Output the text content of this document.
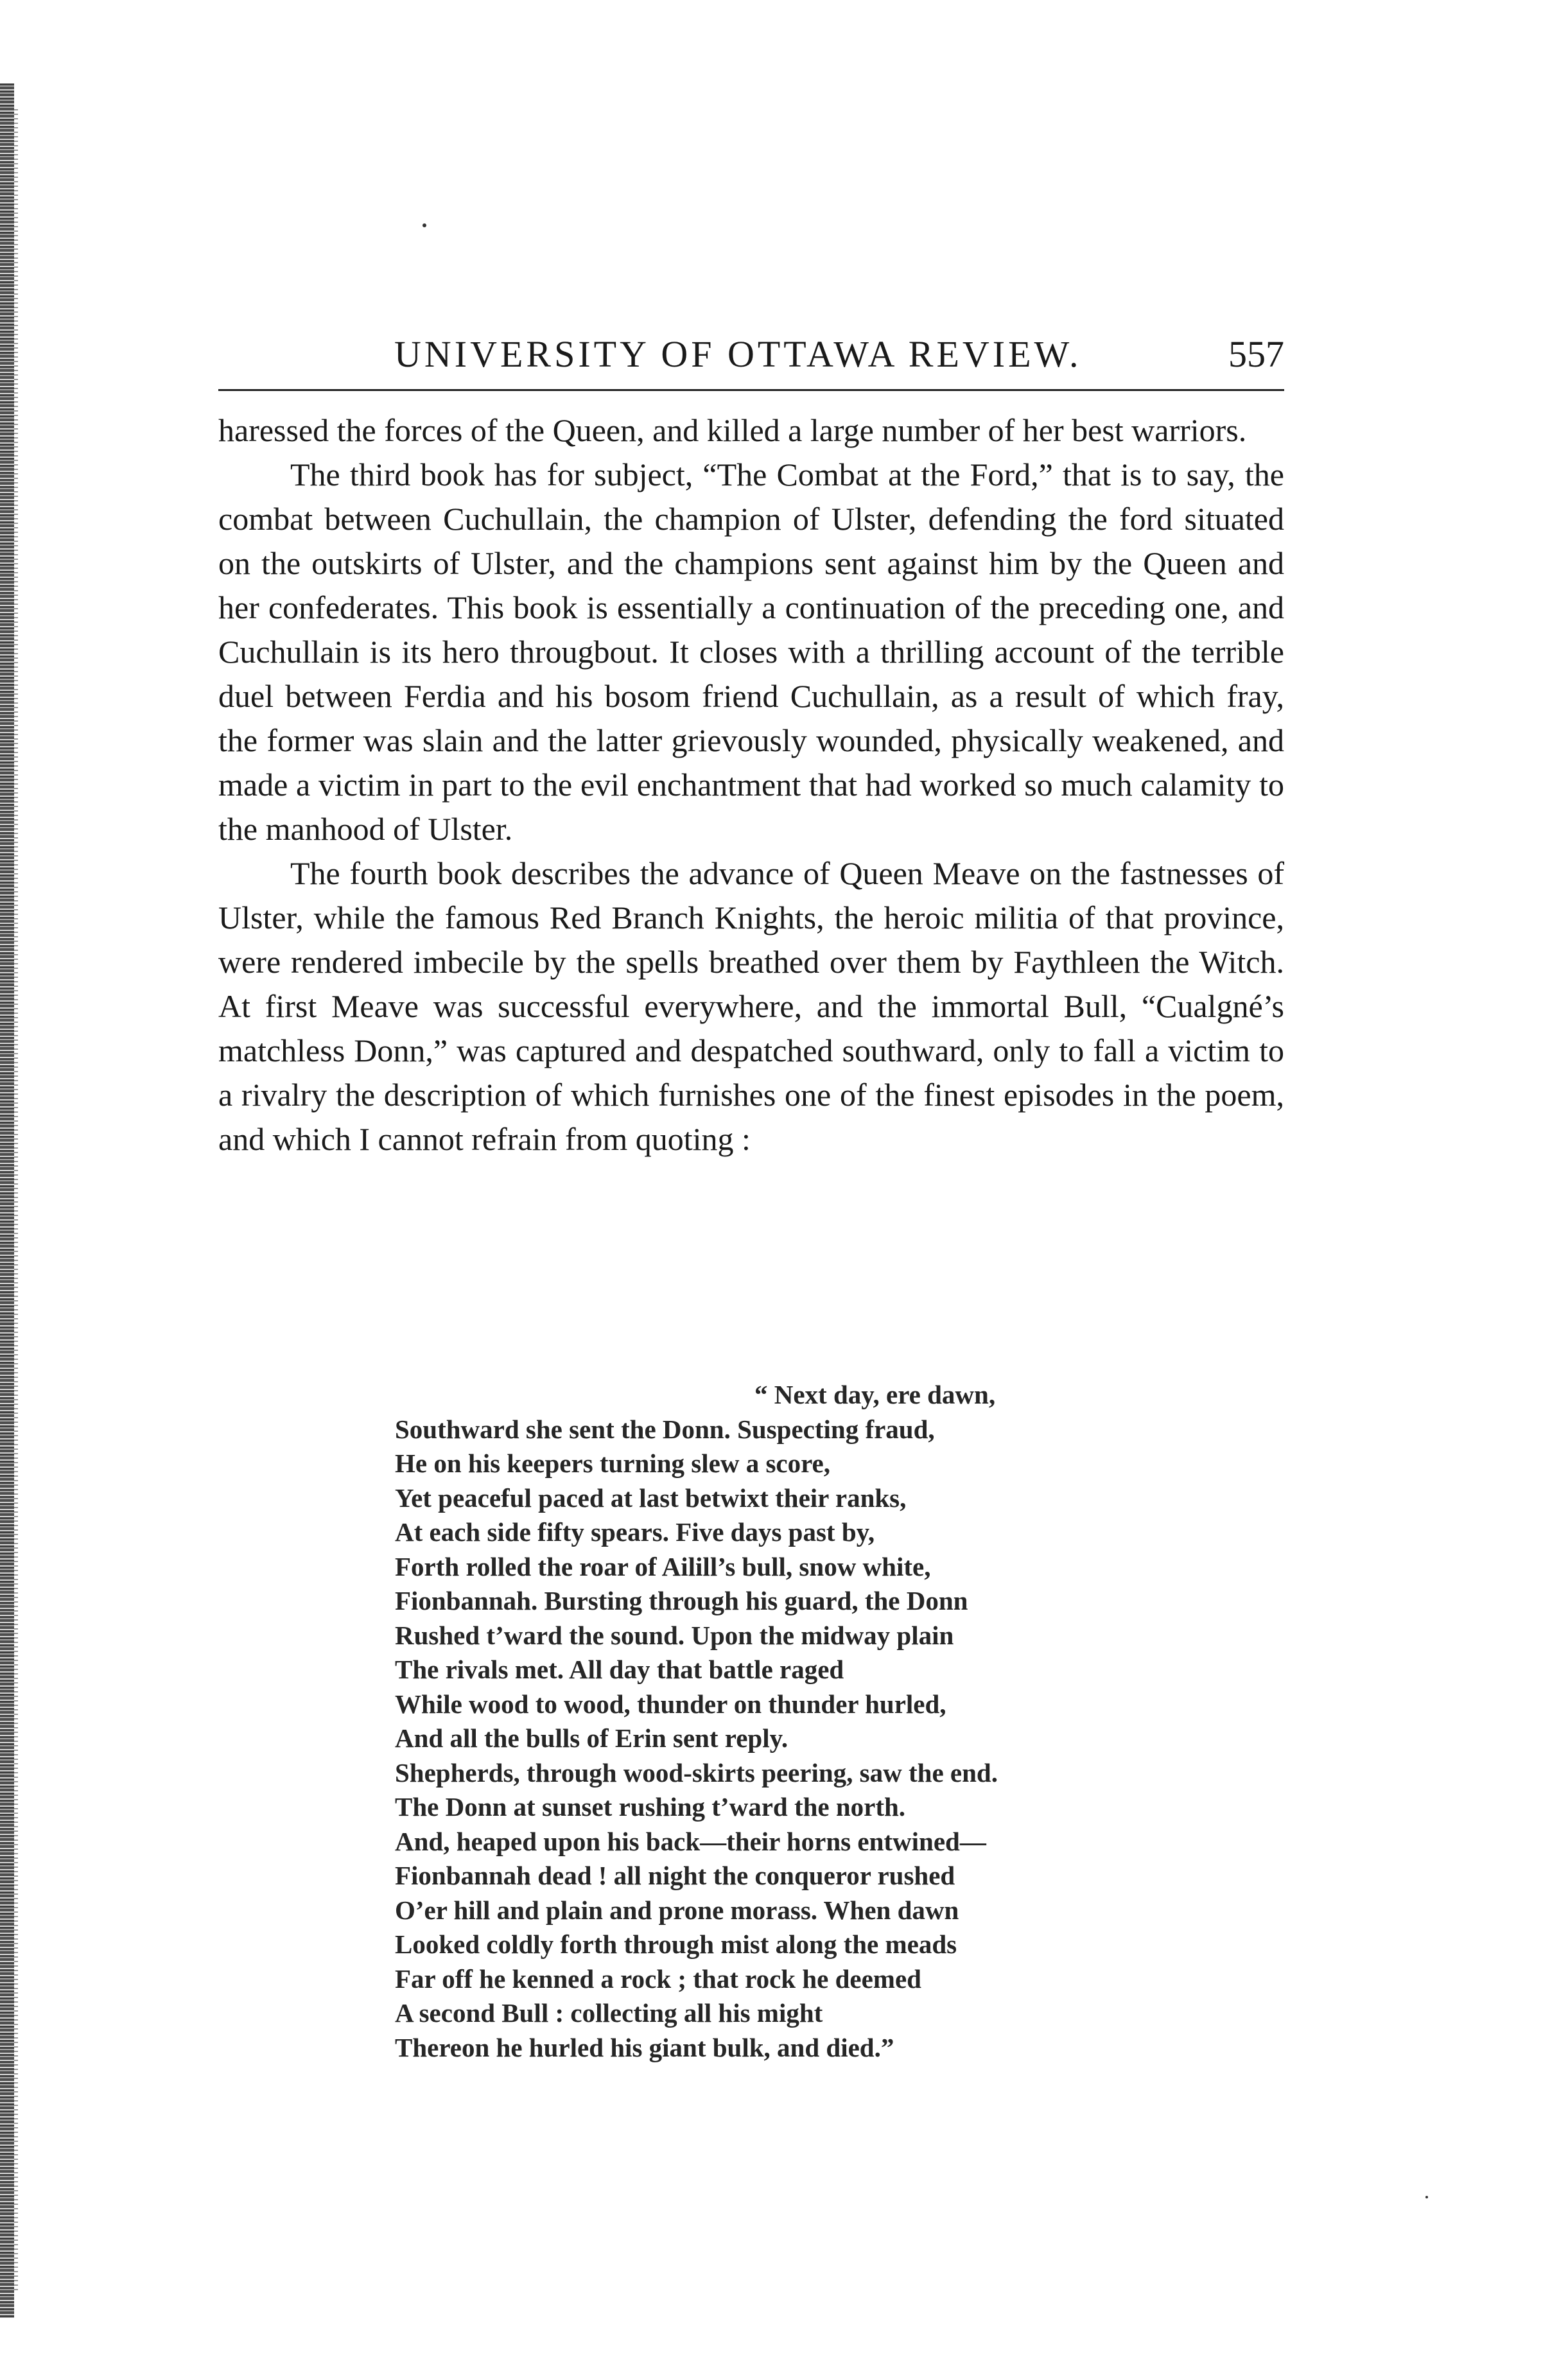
UNIVERSITY OF OTTAWA REVIEW.	557

haressed the forces of the Queen, and killed a large number of her best warriors.

The third book has for subject, “The Combat at the Ford,” that is to say, the combat between Cuchullain, the champion of Ulster, defending the ford situated on the outskirts of Ulster, and the champions sent against him by the Queen and her confederates. This book is essentially a continuation of the preceding one, and Cuchullain is its hero througbout. It closes with a thrilling account of the terrible duel between Ferdia and his bosom friend Cuchullain, as a result of which fray, the former was slain and the latter grievously wounded, physically weakened, and made a victim in part to the evil enchantment that had worked so much calamity to the manhood of Ulster.

The fourth book describes the advance of Queen Meave on the fastnesses of Ulster, while the famous Red Branch Knights, the heroic militia of that province, were rendered imbecile by the spells breathed over them by Faythleen the Witch. At first Meave was successful everywhere, and the immortal Bull, “Cualgné’s matchless Donn,” was captured and despatched southward, only to fall a victim to a rivalry the description of which furnishes one of the finest episodes in the poem, and which I cannot refrain from quoting :

“ Next day, ere dawn,
Southward she sent the Donn. Suspecting fraud,
He on his keepers turning slew a score,
Yet peaceful paced at last betwixt their ranks,
At each side fifty spears. Five days past by,
Forth rolled the roar of Ailill’s bull, snow white,
Fionbannah. Bursting through his guard, the Donn
Rushed t’ward the sound. Upon the midway plain
The rivals met. All day that battle raged
While wood to wood, thunder on thunder hurled,
And all the bulls of Erin sent reply.
Shepherds, through wood-skirts peering, saw the end.
The Donn at sunset rushing t’ward the north.
And, heaped upon his back—their horns entwined—
Fionbannah dead ! all night the conqueror rushed
O’er hill and plain and prone morass. When dawn
Looked coldly forth through mist along the meads
Far off he kenned a rock ; that rock he deemed
A second Bull : collecting all his might
Thereon he hurled his giant bulk, and died.”
